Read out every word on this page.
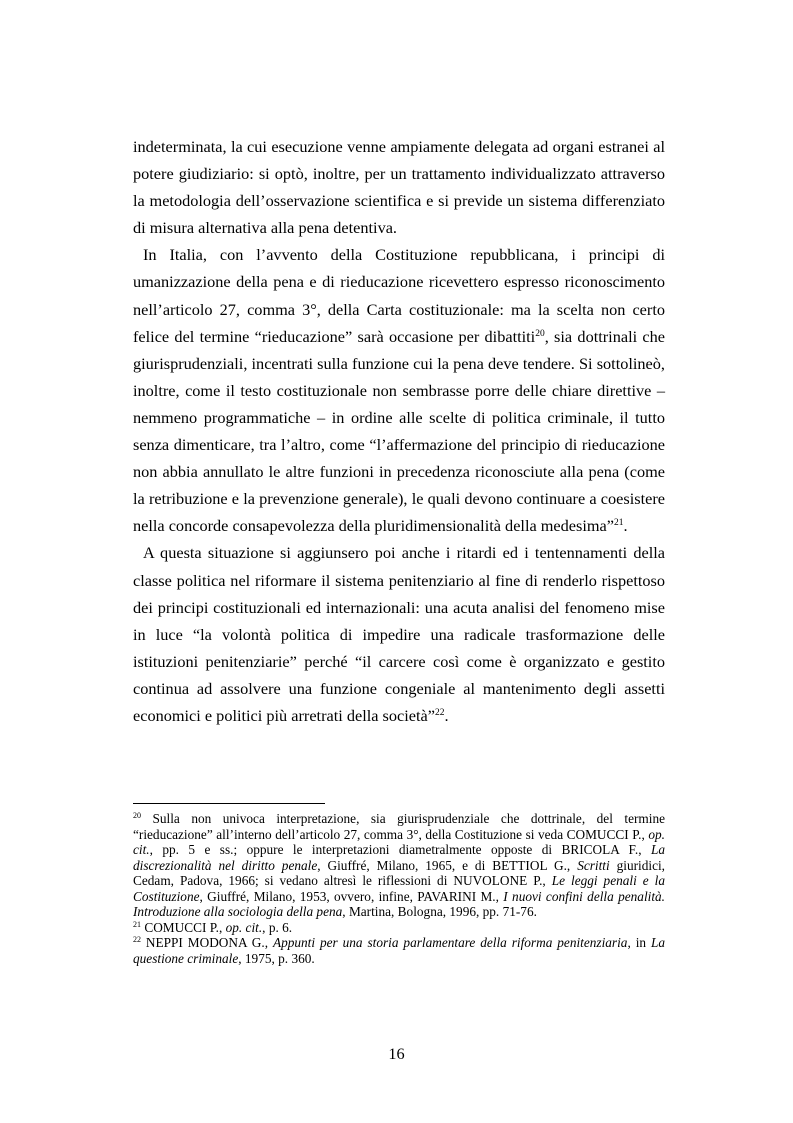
indeterminata, la cui esecuzione venne ampiamente delegata ad organi estranei al potere giudiziario: si optò, inoltre, per un trattamento individualizzato attraverso la metodologia dell’osservazione scientifica e si previde un sistema differenziato di misura alternativa alla pena detentiva.

In Italia, con l’avvento della Costituzione repubblicana, i principi di umanizzazione della pena e di rieducazione ricevettero espresso riconoscimento nell’articolo 27, comma 3°, della Carta costituzionale: ma la scelta non certo felice del termine “rieducazione” sarà occasione per dibattiti$^{20}$, sia dottrinali che giurisprudenziali, incentrati sulla funzione cui la pena deve tendere. Si sottolineò, inoltre, come il testo costituzionale non sembrasse porre delle chiare direttive – nemmeno programmatiche – in ordine alle scelte di politica criminale, il tutto senza dimenticare, tra l’altro, come “l’affermazione del principio di rieducazione non abbia annullato le altre funzioni in precedenza riconosciute alla pena (come la retribuzione e la prevenzione generale), le quali devono continuare a coesistere nella concorde consapevolezza della pluridimensionalità della medesima”$^{21}$.

A questa situazione si aggiunsero poi anche i ritardi ed i tentennamenti della classe politica nel riformare il sistema penitenziario al fine di renderlo rispettoso dei principi costituzionali ed internazionali: una acuta analisi del fenomeno mise in luce “la volontà politica di impedire una radicale trasformazione delle istituzioni penitenziarie” perché “il carcere così come è organizzato e gestito continua ad assolvere una funzione congeniale al mantenimento degli assetti economici e politici più arretrati della società”$^{22}$.

$^{20}$ Sulla non univoca interpretazione, sia giurisprudenziale che dottrinale, del termine “rieducazione” all’interno dell’articolo 27, comma 3°, della Costituzione si veda COMUCCI P., op. cit., pp. 5 e ss.; oppure le interpretazioni diametralmente opposte di BRICOLA F., La discrezionalità nel diritto penale, Giuffré, Milano, 1965, e di BETTIOL G., Scritti giuridici, Cedam, Padova, 1966; si vedano altresì le riflessioni di NUVOLONE P., Le leggi penali e la Costituzione, Giuffré, Milano, 1953, ovvero, infine, PAVARINI M., I nuovi confini della penalità. Introduzione alla sociologia della pena, Martina, Bologna, 1996, pp. 71-76.

$^{21}$ COMUCCI P., op. cit., p. 6.

$^{22}$ NEPPI MODONA G., Appunti per una storia parlamentare della riforma penitenziaria, in La questione criminale, 1975, p. 360.

16
